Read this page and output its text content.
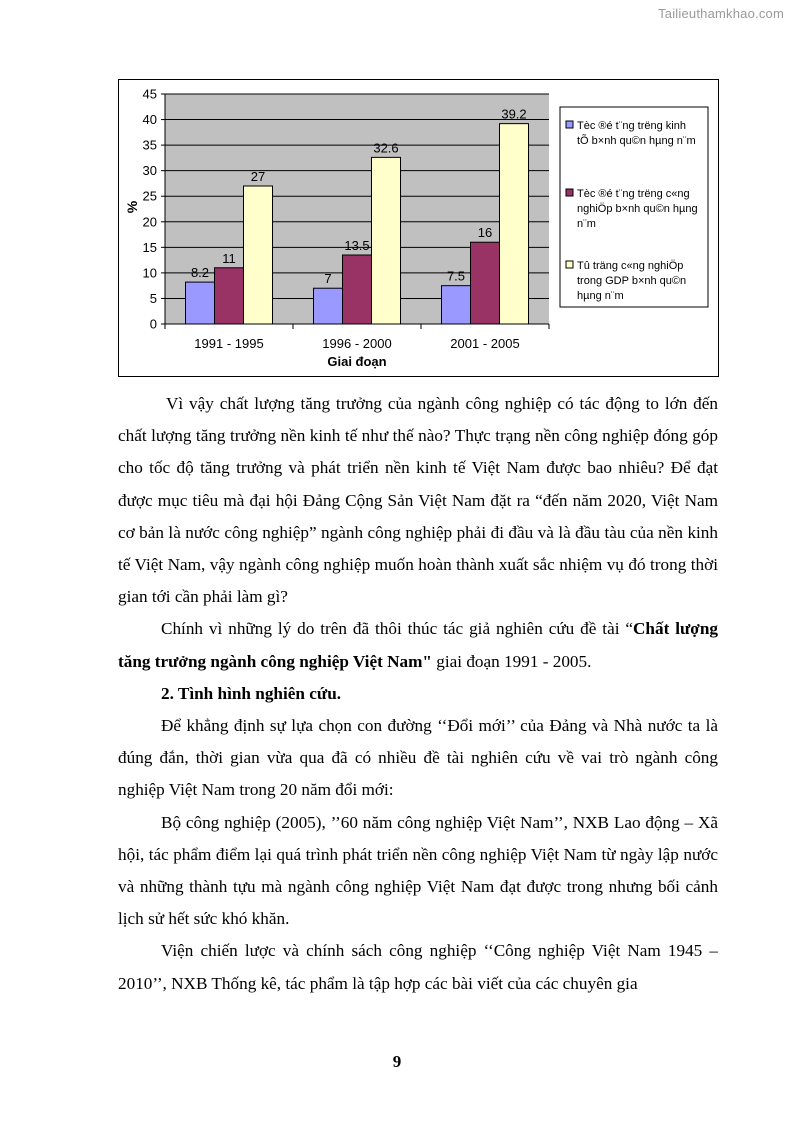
Tailieuthamkhao.com
0
5
10
15
20
25
30
35
40
45
8.2
11
27
1991 - 1995
7
13.5
32.6
1996 - 2000
7.5
16
39.2
2001 - 2005
Giai đoạn
%
Tèc ®é t¨ng trëng kinh
tÕ b×nh qu©n hµng n¨m
Tèc ®é t¨ng trëng c«ng
nghiÖp b×nh qu©n hµng
n¨m
Tû träng c«ng nghiÖp
trong GDP b×nh qu©n
hµng n¨m

Vì vậy chất lượng tăng trưởng của ngành công nghiệp có tác động to lớn đến chất lượng tăng trưởng nền kinh tế như thế nào? Thực trạng nền công nghiệp đóng góp cho tốc độ tăng trưởng và phát triển nền kinh tế Việt Nam được bao nhiêu? Để đạt được mục tiêu mà đại hội Đảng Cộng Sản Việt Nam đặt ra “đến năm 2020, Việt Nam cơ bản là nước công nghiệp” ngành công nghiệp phải đi đầu và là đầu tàu của nền kinh tế Việt Nam, vậy ngành công nghiệp muốn hoàn thành xuất sắc nhiệm vụ đó trong thời gian tới cần phải làm gì?

Chính vì những lý do trên đã thôi thúc tác giả nghiên cứu đề tài “Chất lượng tăng trưởng ngành công nghiệp Việt Nam" giai đoạn 1991 - 2005.

2. Tình hình nghiên cứu.

Để khẳng định sự lựa chọn con đường ‘‘Đổi mới’’ của Đảng và Nhà nước ta là đúng đắn, thời gian vừa qua đã có nhiều đề tài nghiên cứu về vai trò ngành công nghiệp Việt Nam trong 20 năm đổi mới:

Bộ công nghiệp (2005), ’’60 năm công nghiệp Việt Nam’’, NXB Lao động – Xã hội, tác phẩm điểm lại quá trình phát triển nền công nghiệp Việt Nam từ ngày lập nước và những thành tựu mà ngành công nghiệp Việt Nam đạt được trong nhưng bối cảnh lịch sử hết sức khó khăn.

Viện chiến lược và chính sách công nghiệp ‘‘Công nghiệp Việt Nam 1945 – 2010’’, NXB Thống kê, tác phẩm là tập hợp các bài viết của các chuyên gia

9
